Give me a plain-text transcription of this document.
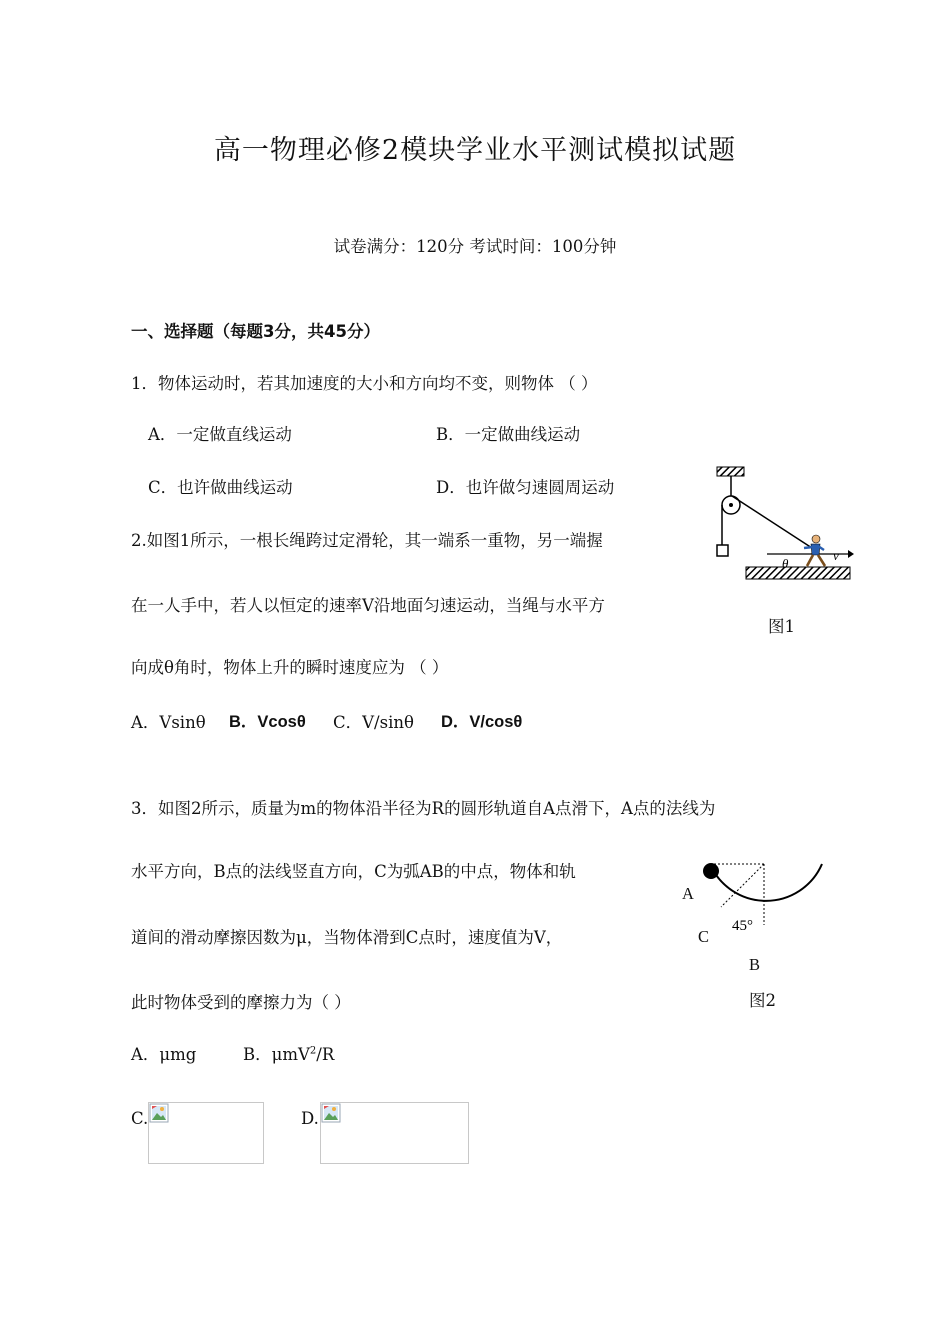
高一物理必修2模块学业水平测试模拟试题
试卷满分：120分 考试时间：100分钟
一、选择题（每题3分，共45分）
1．物体运动时，若其加速度的大小和方向均不变，则物体 （ ）
A．一定做直线运动	B．一定做曲线运动
C．也许做曲线运动	D．也许做匀速圆周运动
2.如图1所示，一根长绳跨过定滑轮，其一端系一重物，另一端握
在一人手中，若人以恒定的速率V沿地面匀速运动，当绳与水平方
向成θ角时，物体上升的瞬时速度应为 （ ）
A．Vsinθ B．Vcosθ C．V/sinθ D．V/cosθ
θ
v
图1
3．如图2所示，质量为m的物体沿半径为R的圆形轨道自A点滑下，A点的法线为
水平方向，B点的法线竖直方向，C为弧AB的中点，物体和轨
道间的滑动摩擦因数为μ，当物体滑到C点时，速度值为V，
此时物体受到的摩擦力为（ ）
A．μmg	B．μmV$^2$/R
C.	D.
45°
A
C
B
图2
